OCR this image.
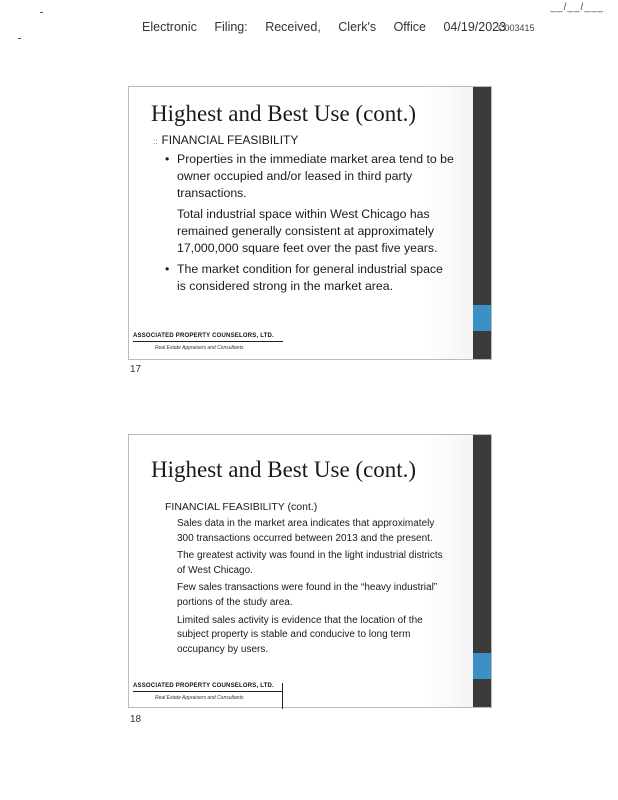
__/__/___
Electronic Filing: Received, Clerk's Office 04/19/2023
C003415
Highest and Best Use (cont.)
:: FINANCIAL FEASIBILITY
• Properties in the immediate market area tend to be owner occupied and/or leased in third party transactions.
Total industrial space within West Chicago has remained generally consistent at approximately 17,000,000 square feet over the past five years.
• The market condition for general industrial space is considered strong in the market area.
ASSOCIATED PROPERTY COUNSELORS, LTD.
Real Estate Appraisers and Consultants
17
Highest and Best Use (cont.)
FINANCIAL FEASIBILITY (cont.)
Sales data in the market area indicates that approximately 300 transactions occurred between 2013 and the present.
The greatest activity was found in the light industrial districts of West Chicago.
Few sales transactions were found in the “heavy industrial” portions of the study area.
Limited sales activity is evidence that the location of the subject property is stable and conducive to long term occupancy by users.
ASSOCIATED PROPERTY COUNSELORS, LTD.
Real Estate Appraisers and Consultants
18
